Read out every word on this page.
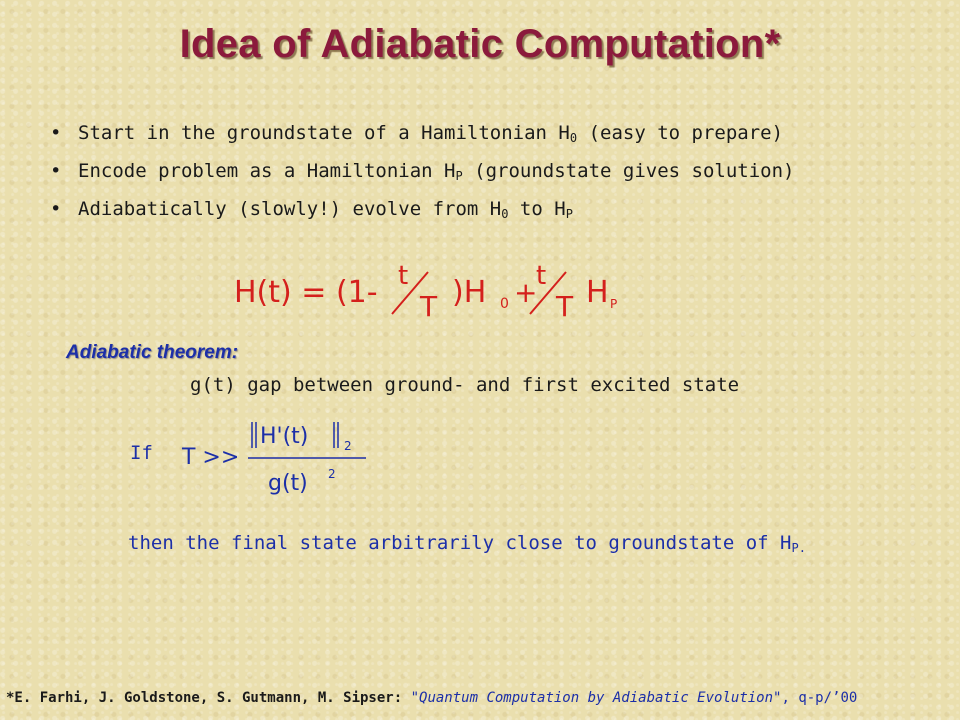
Idea of Adiabatic Computation*
• Start in the groundstate of a Hamiltonian $H_0$ (easy to prepare)
• Encode problem as a Hamiltonian $H_P$ (groundstate gives solution)
• Adiabatically (slowly!) evolve from $H_0$ to $H_P$
H(t) = (1- t
T )H 0 +
t
T H P
Adiabatic theorem:
g(t) gap between ground- and first excited state
If T >>
H'(t)	2
g(t) 2
then the final state arbitrarily close to groundstate of $H_{P.}$
*E. Farhi, J. Goldstone, S. Gutmann, M. Sipser: "Quantum Computation by Adiabatic Evolution", q-p/’00
